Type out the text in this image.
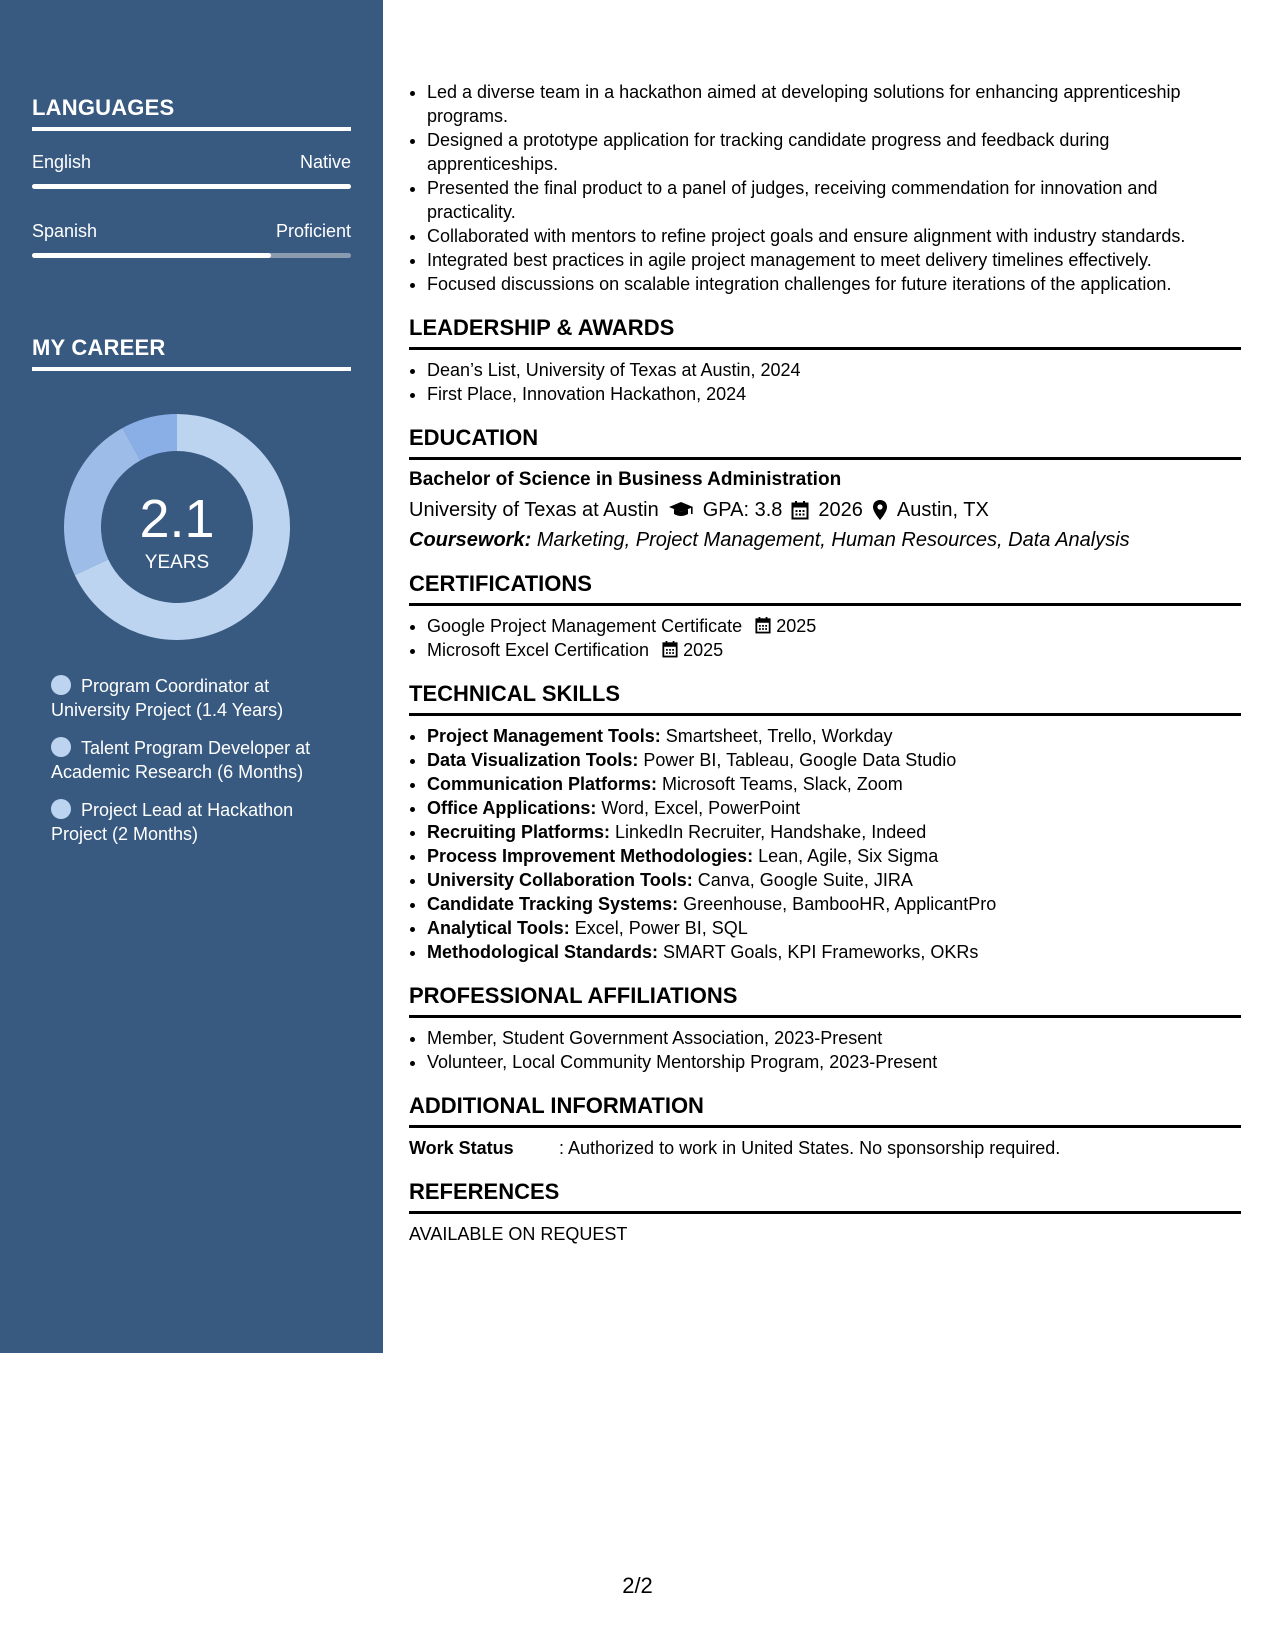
LANGUAGES
English	Native
Spanish	Proficient
MY CAREER
2.1
YEARS
Program Coordinator at University Project (1.4 Years)
Talent Program Developer at Academic Research (6 Months)
Project Lead at Hackathon Project (2 Months)
• Led a diverse team in a hackathon aimed at developing solutions for enhancing apprenticeship programs.
• Designed a prototype application for tracking candidate progress and feedback during apprenticeships.
• Presented the final product to a panel of judges, receiving commendation for innovation and practicality.
• Collaborated with mentors to refine project goals and ensure alignment with industry standards.
• Integrated best practices in agile project management to meet delivery timelines effectively.
• Focused discussions on scalable integration challenges for future iterations of the application.
LEADERSHIP & AWARDS
• Dean’s List, University of Texas at Austin, 2024
• First Place, Innovation Hackathon, 2024
EDUCATION
Bachelor of Science in Business Administration
University of Texas at Austin GPA: 3.8 2026 Austin, TX
Coursework: Marketing, Project Management, Human Resources, Data Analysis
CERTIFICATIONS
• Google Project Management Certificate 2025
• Microsoft Excel Certification 2025
TECHNICAL SKILLS
• Project Management Tools: Smartsheet, Trello, Workday
• Data Visualization Tools: Power BI, Tableau, Google Data Studio
• Communication Platforms: Microsoft Teams, Slack, Zoom
• Office Applications: Word, Excel, PowerPoint
• Recruiting Platforms: LinkedIn Recruiter, Handshake, Indeed
• Process Improvement Methodologies: Lean, Agile, Six Sigma
• University Collaboration Tools: Canva, Google Suite, JIRA
• Candidate Tracking Systems: Greenhouse, BambooHR, ApplicantPro
• Analytical Tools: Excel, Power BI, SQL
• Methodological Standards: SMART Goals, KPI Frameworks, OKRs
PROFESSIONAL AFFILIATIONS
• Member, Student Government Association, 2023-Present
• Volunteer, Local Community Mentorship Program, 2023-Present
ADDITIONAL INFORMATION
Work Status	: Authorized to work in United States. No sponsorship required.
REFERENCES
AVAILABLE ON REQUEST
2/2
